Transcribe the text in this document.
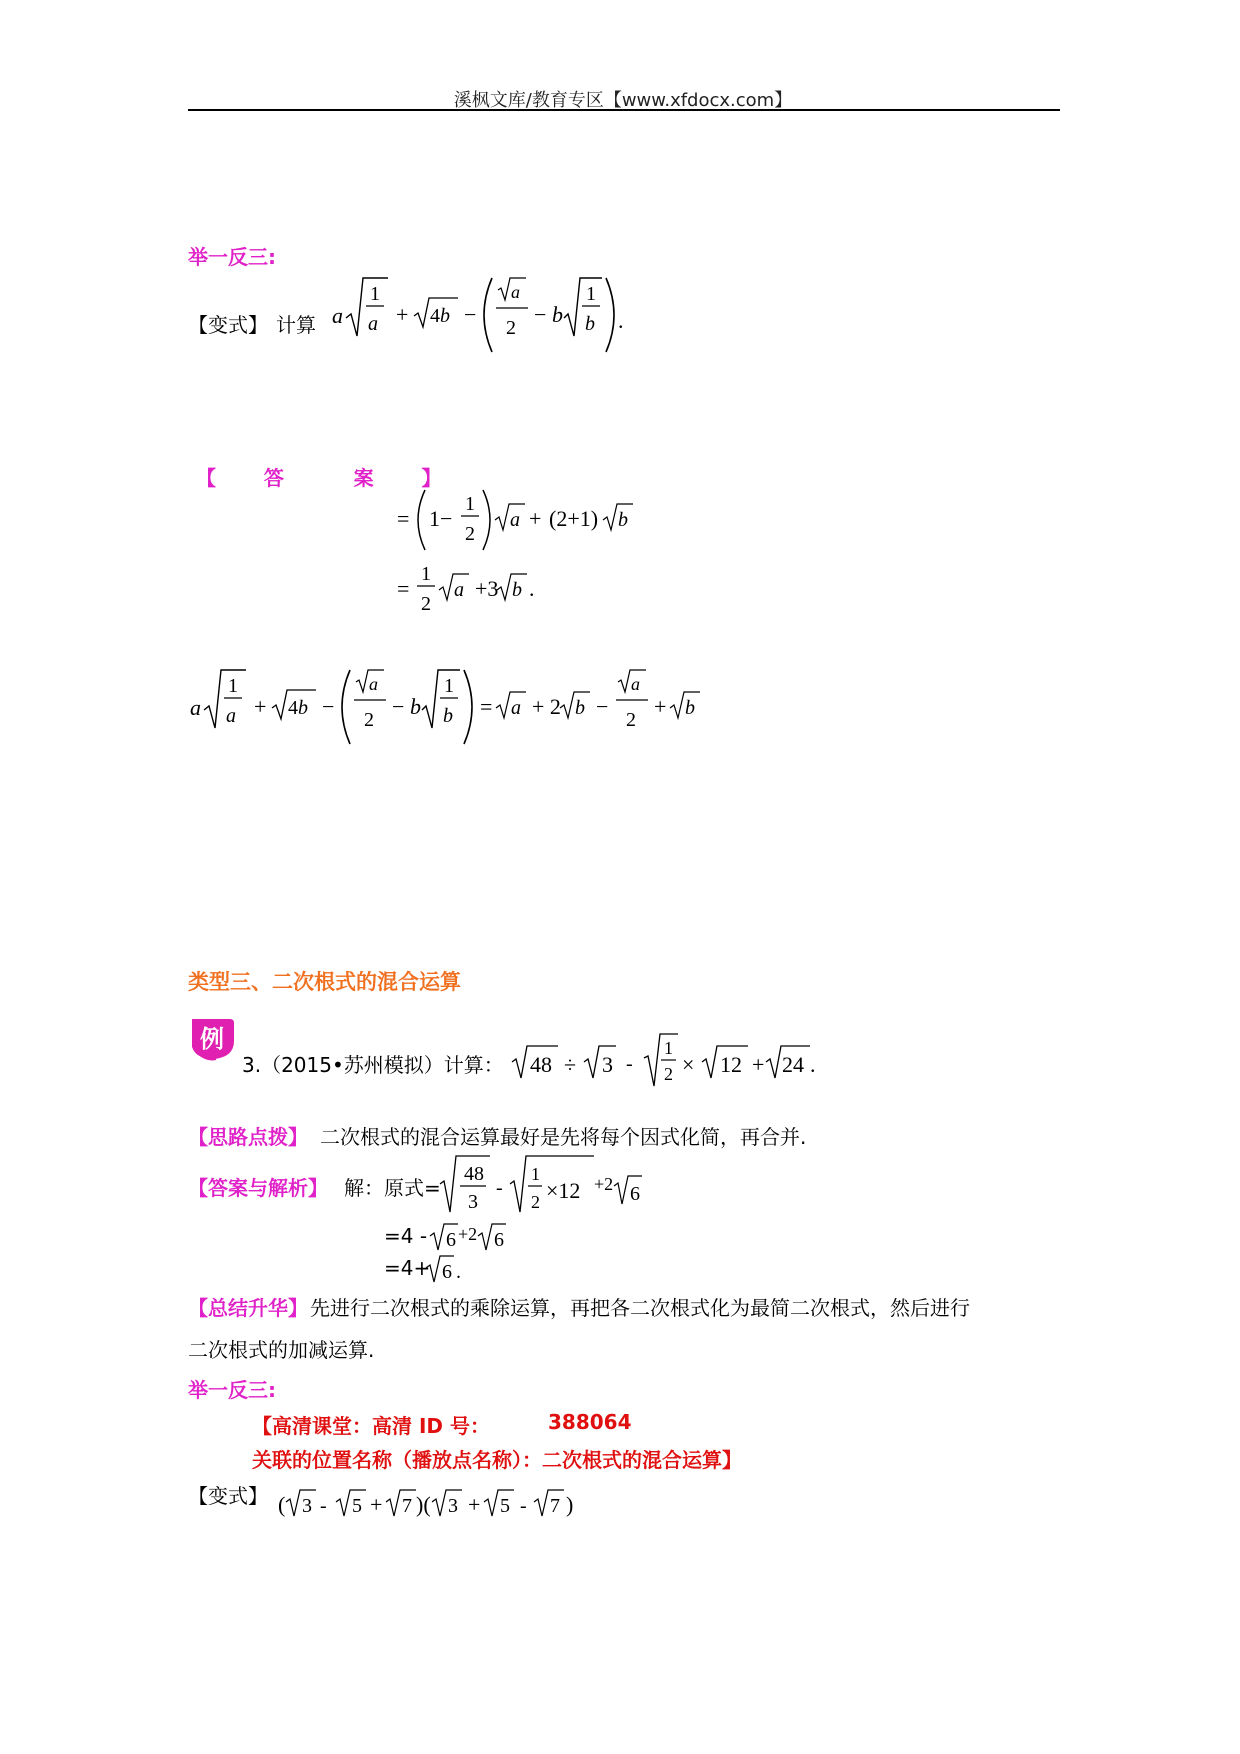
溪枫文库/教育专区【www.xfdocx.com】
举一反三:
【变式】 计算 a
1
a + 4b −
a
2
− b
1
b .
【    答      案    】
= 1−
1
2
a + (2+1) b
=
1
2
a +3 b .
a
1
a + 4b −
a
2
− b
1
b = a + 2 b −
a
2
+ b
类型三、二次根式的混合运算
例
3.（2015•苏州模拟）计算： 48 ÷ 3 -
1
2 × 12 + 24 .
【思路点拨】 二次根式的混合运算最好是先将每个因式化简，再合并.
【答案与解析】 解：原式=
48
3
-
1
2 ×12 +2 6
=4 - 6 +2 6
=4+ 6 .
【总结升华】 先进行二次根式的乘除运算，再把各二次根式化为最简二次根式，然后进行
二次根式的加减运算.
举一反三:
【高清课堂：高清 ID 号：	388064
关联的位置名称（播放点名称）：二次根式的混合运算】
【变式】 ( 3 - 5 + 7 )( 3 + 5 - 7 )
